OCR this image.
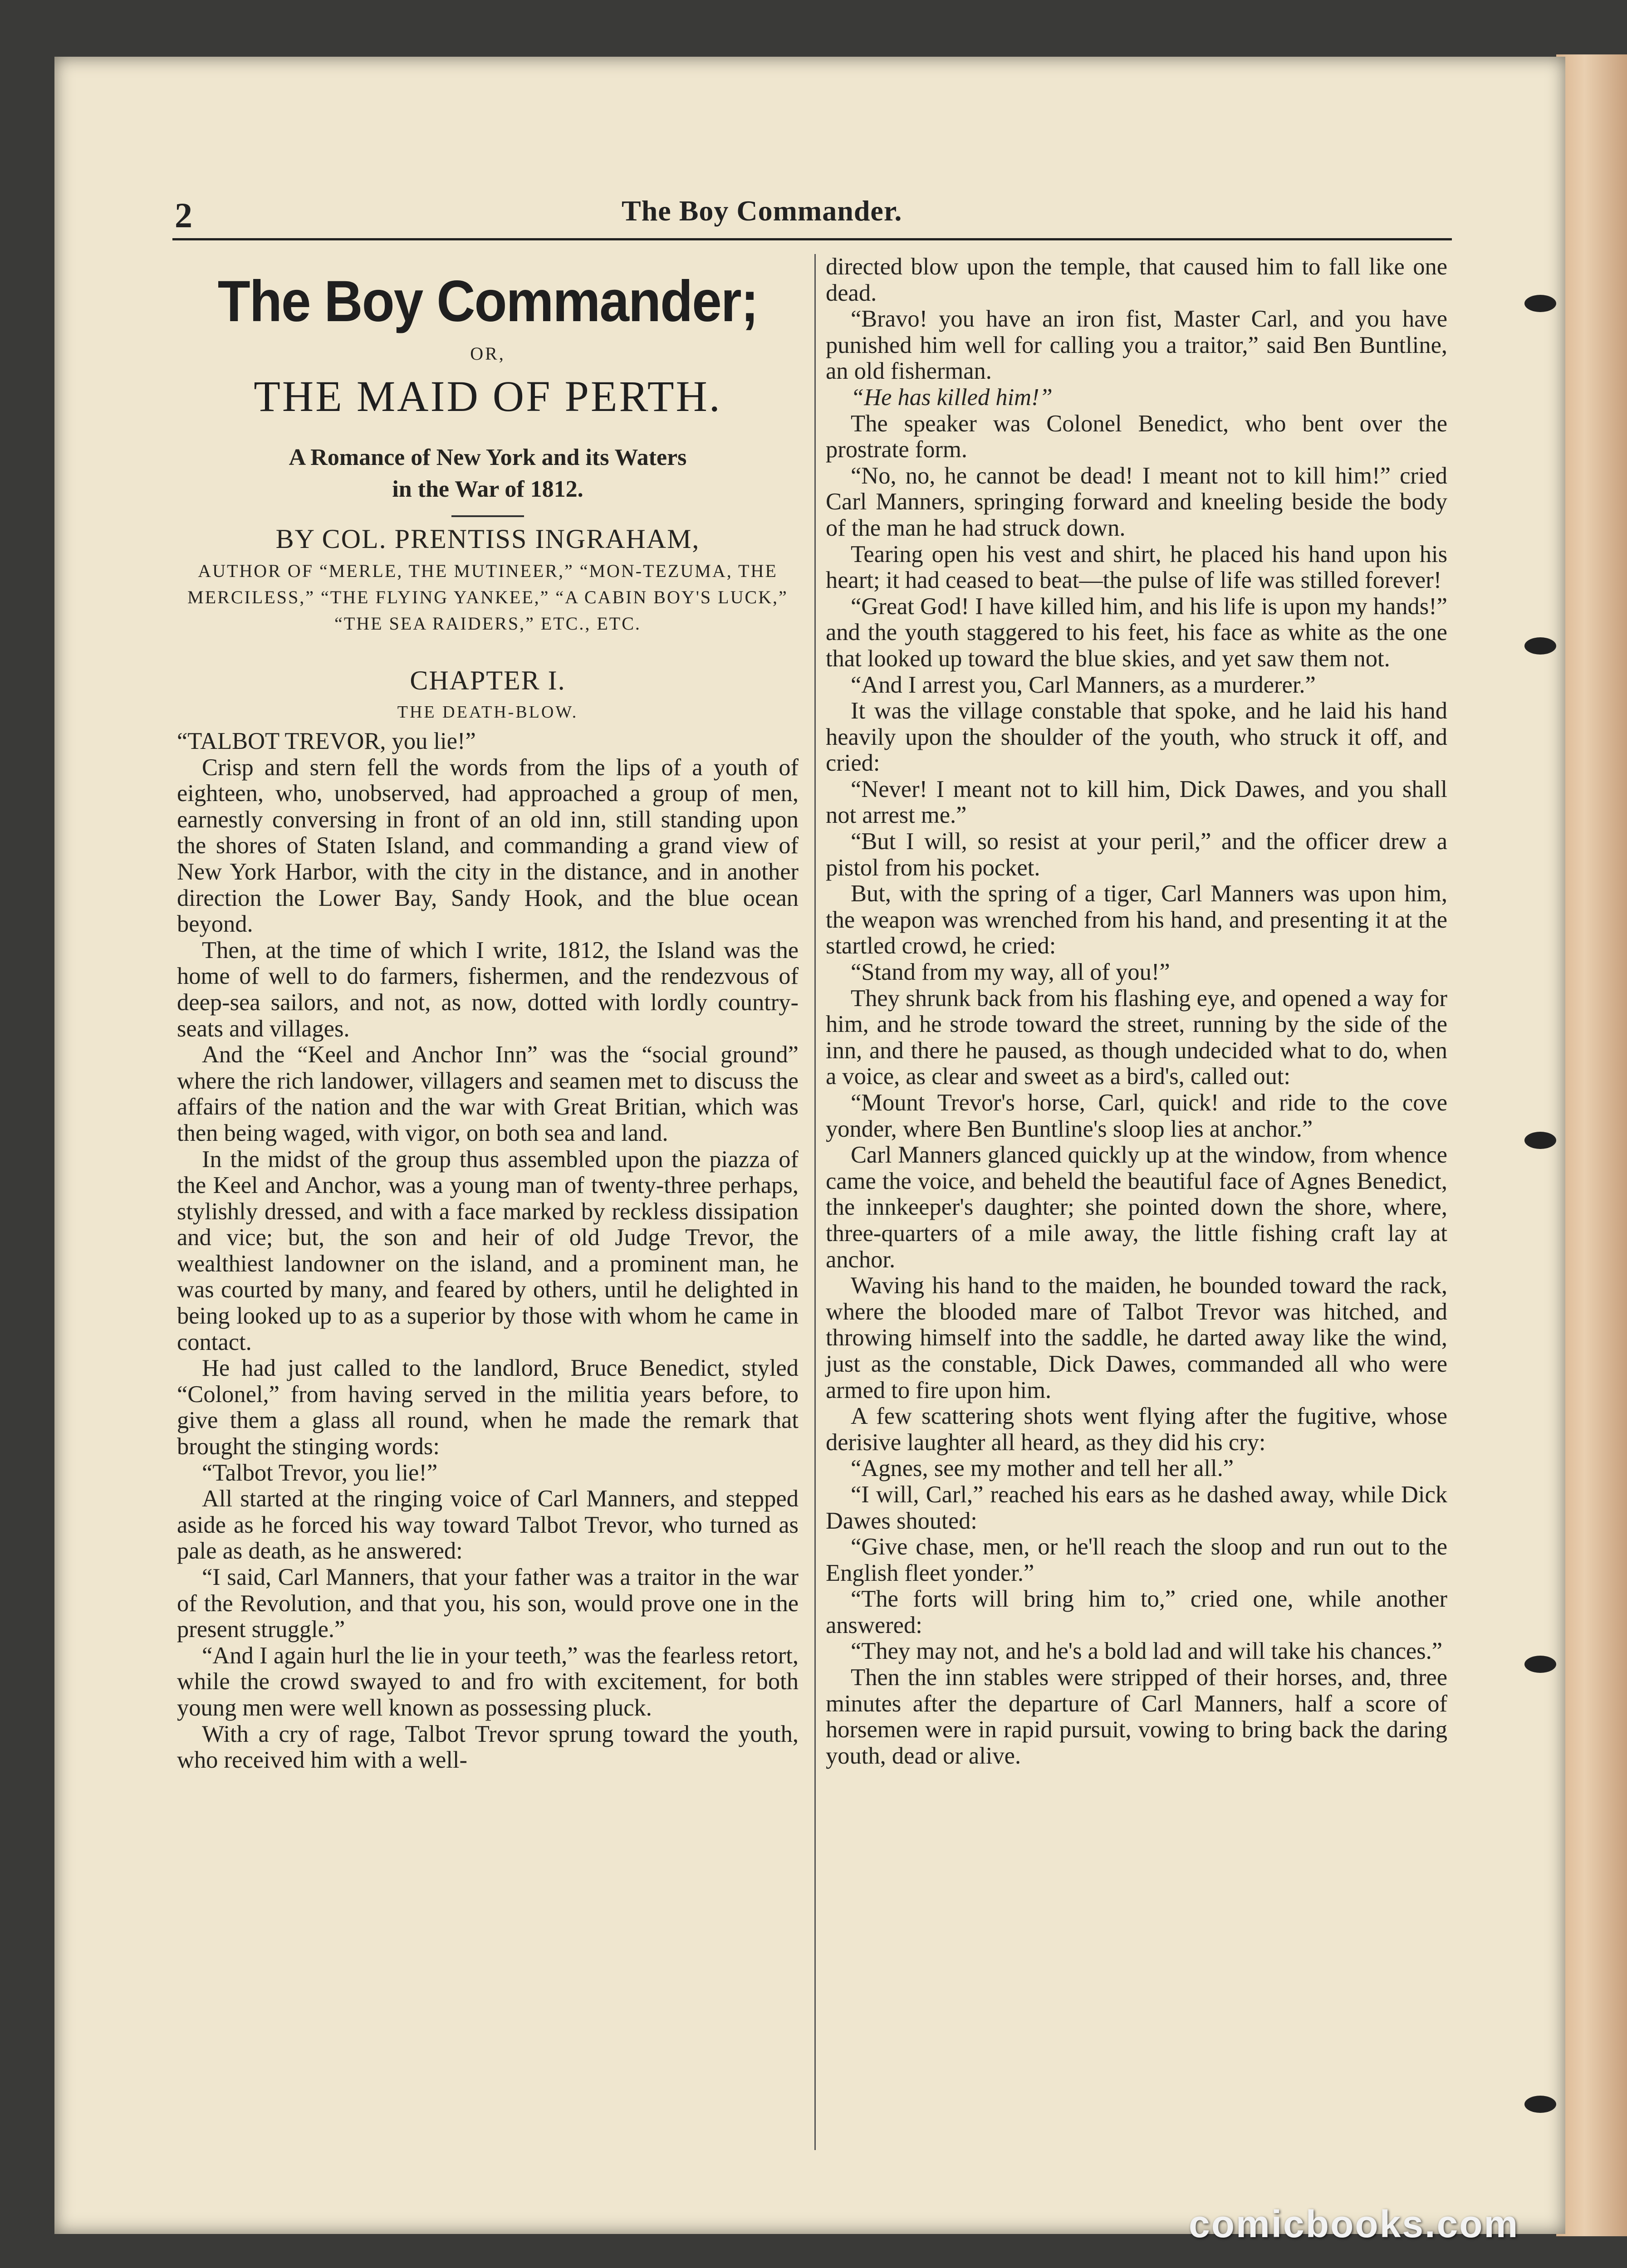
2	The Boy Commander.
The Boy Commander;
OR,
THE MAID OF PERTH.
A Romance of New York and its Waters
in the War of 1812.
BY COL. PRENTISS INGRAHAM,
AUTHOR OF “MERLE, THE MUTINEER,” “MON-TEZUMA, THE MERCILESS,” “THE FLYING YANKEE,” “A CABIN BOY'S LUCK,” “THE SEA RAIDERS,” ETC., ETC.
CHAPTER I.
THE DEATH-BLOW.

“TALBOT TREVOR, you lie!”

Crisp and stern fell the words from the lips of a youth of eighteen, who, unobserved, had approached a group of men, earnestly conversing in front of an old inn, still standing upon the shores of Staten Island, and commanding a grand view of New York Harbor, with the city in the distance, and in another direction the Lower Bay, Sandy Hook, and the blue ocean beyond.

Then, at the time of which I write, 1812, the Island was the home of well to do farmers, fishermen, and the rendezvous of deep-sea sailors, and not, as now, dotted with lordly country-seats and villages.

And the “Keel and Anchor Inn” was the “social ground” where the rich landower, villagers and seamen met to discuss the affairs of the nation and the war with Great Britian, which was then being waged, with vigor, on both sea and land.

In the midst of the group thus assembled upon the piazza of the Keel and Anchor, was a young man of twenty-three perhaps, stylishly dressed, and with a face marked by reckless dissipation and vice; but, the son and heir of old Judge Trevor, the wealthiest landowner on the island, and a prominent man, he was courted by many, and feared by others, until he delighted in being looked up to as a superior by those with whom he came in contact.

He had just called to the landlord, Bruce Benedict, styled “Colonel,” from having served in the militia years before, to give them a glass all round, when he made the remark that brought the stinging words:

“Talbot Trevor, you lie!”

All started at the ringing voice of Carl Manners, and stepped aside as he forced his way toward Talbot Trevor, who turned as pale as death, as he answered:

“I said, Carl Manners, that your father was a traitor in the war of the Revolution, and that you, his son, would prove one in the present struggle.”

“And I again hurl the lie in your teeth,” was the fearless retort, while the crowd swayed to and fro with excitement, for both young men were well known as possessing pluck.

With a cry of rage, Talbot Trevor sprung toward the youth, who received him with a well-

directed blow upon the temple, that caused him to fall like one dead.

“Bravo! you have an iron fist, Master Carl, and you have punished him well for calling you a traitor,” said Ben Buntline, an old fisherman.

“He has killed him!”

The speaker was Colonel Benedict, who bent over the prostrate form.

“No, no, he cannot be dead! I meant not to kill him!” cried Carl Manners, springing forward and kneeling beside the body of the man he had struck down.

Tearing open his vest and shirt, he placed his hand upon his heart; it had ceased to beat—the pulse of life was stilled forever!

“Great God! I have killed him, and his life is upon my hands!” and the youth staggered to his feet, his face as white as the one that looked up toward the blue skies, and yet saw them not.

“And I arrest you, Carl Manners, as a murderer.”

It was the village constable that spoke, and he laid his hand heavily upon the shoulder of the youth, who struck it off, and cried:

“Never! I meant not to kill him, Dick Dawes, and you shall not arrest me.”

“But I will, so resist at your peril,” and the officer drew a pistol from his pocket.

But, with the spring of a tiger, Carl Manners was upon him, the weapon was wrenched from his hand, and presenting it at the startled crowd, he cried:

“Stand from my way, all of you!”

They shrunk back from his flashing eye, and opened a way for him, and he strode toward the street, running by the side of the inn, and there he paused, as though undecided what to do, when a voice, as clear and sweet as a bird's, called out:

“Mount Trevor's horse, Carl, quick! and ride to the cove yonder, where Ben Buntline's sloop lies at anchor.”

Carl Manners glanced quickly up at the window, from whence came the voice, and beheld the beautiful face of Agnes Benedict, the innkeeper's daughter; she pointed down the shore, where, three-quarters of a mile away, the little fishing craft lay at anchor.

Waving his hand to the maiden, he bounded toward the rack, where the blooded mare of Talbot Trevor was hitched, and throwing himself into the saddle, he darted away like the wind, just as the constable, Dick Dawes, commanded all who were armed to fire upon him.

A few scattering shots went flying after the fugitive, whose derisive laughter all heard, as they did his cry:

“Agnes, see my mother and tell her all.”

“I will, Carl,” reached his ears as he dashed away, while Dick Dawes shouted:

“Give chase, men, or he'll reach the sloop and run out to the English fleet yonder.”

“The forts will bring him to,” cried one, while another answered:

“They may not, and he's a bold lad and will take his chances.”

Then the inn stables were stripped of their horses, and, three minutes after the departure of Carl Manners, half a score of horsemen were in rapid pursuit, vowing to bring back the daring youth, dead or alive.

comicbooks.com
